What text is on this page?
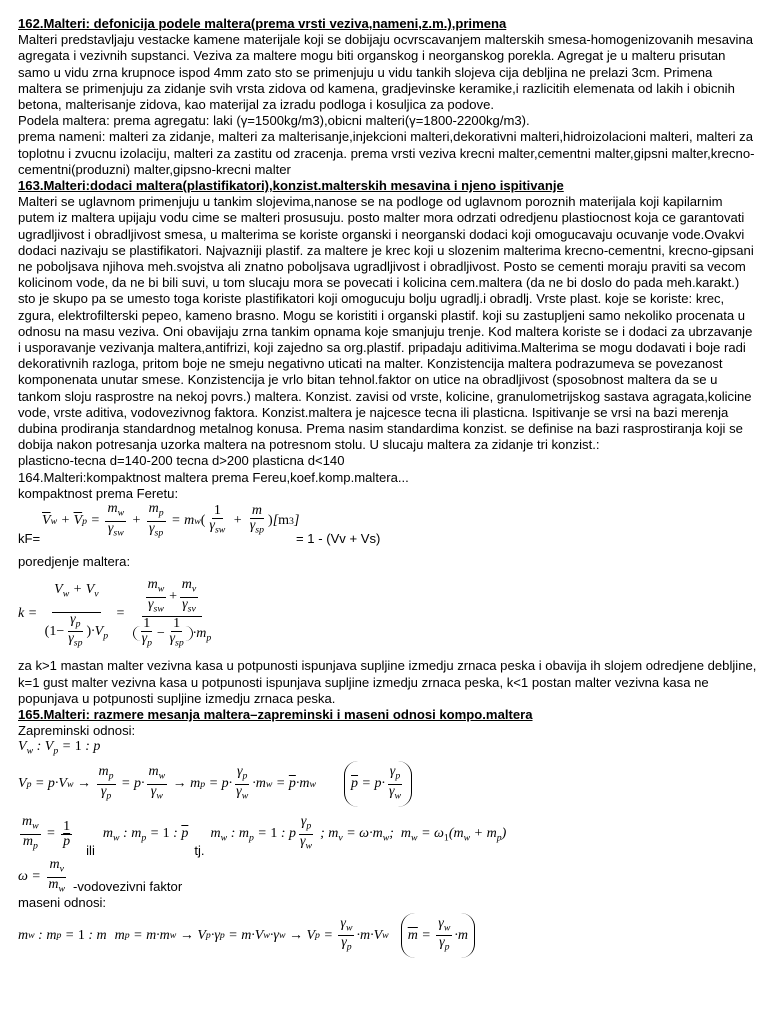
162.Malteri: defonicija podele maltera(prema vrsti veziva,nameni,z.m.),primena

Malteri predstavljaju vestacke kamene materijale koji se dobijaju ocvrscavanjem malterskih smesa-homogenizovanih mesavina agregata i vezivnih supstanci. Veziva za maltere mogu biti organskog i neorganskog porekla. Agregat je u malteru prisutan samo u vidu zrna krupnoce ispod 4mm zato sto se primenjuju u vidu tankih slojeva cija debljina ne prelazi 3cm. Primena maltera se primenjuju za zidanje svih vrsta zidova od kamena, gradjevinske keramike,i razlicitih elemenata od lakih i obicnih betona, malterisanje zidova, kao materijal za izradu podloga i kosuljica za podove.

Podela maltera: prema agregatu: laki (γ=1500kg/m3),obicni malteri(γ=1800-2200kg/m3).

prema nameni: malteri za zidanje, malteri za malterisanje,injekcioni malteri,dekorativni malteri,hidroizolacioni malteri, malteri za toplotnu i zvucnu izolaciju, malteri za zastitu od zracenja. prema vrsti veziva krecni malter,cementni malter,gipsni malter,krecno-cementni(produzni) malter,gipsno-krecni malter

163.Malteri:dodaci maltera(plastifikatori),konzist.malterskih mesavina i njeno ispitivanje

Malteri se uglavnom primenjuju u tankim slojevima,nanose se na podloge od uglavnom poroznih materijala koji kapilarnim putem iz maltera upijaju vodu cime se malteri prosusuju. posto malter mora odrzati odredjenu plastiocnost koja ce garantovati ugradljivost i obradljivost smesa, u malterima se koriste organski i neorganski dodaci koji omogucavaju ocuvanje vode.Ovakvi dodaci nazivaju se plastifikatori. Najvazniji plastif. za maltere je krec koji u slozenim malterima krecno-cementni, krecno-gipsani ne poboljsava njihova meh.svojstva ali znatno poboljsava ugradljivost i obradljivost. Posto se cementi moraju praviti sa vecom kolicinom vode, da ne bi bili suvi, u tom slucaju mora se povecati i kolicina cem.maltera (da ne bi doslo do pada meh.karakt.) sto je skupo pa se umesto toga koriste plastifikatori koji omogucuju bolju ugradlj.i obradlj. Vrste plast. koje se koriste: krec, zgura, elektrofilterski pepeo, kameno brasno. Mogu se koristiti i organski plastif. koji su zastupljeni samo nekoliko procenata u odnosu na masu veziva. Oni obavijaju zrna tankim opnama koje smanjuju trenje. Kod maltera koriste se i dodaci za ubrzavanje i usporavanje vezivanja maltera,antifrizi, koji zajedno sa org.plastif. pripadaju aditivima.Malterima se mogu dodavati i boje radi dekorativnih razloga, pritom boje ne smeju negativno uticati na malter. Konzistencija maltera podrazumeva se povezanost komponenata unutar smese. Konzistencija je vrlo bitan tehnol.faktor on utice na obradljivost (sposobnost maltera da se u tankom sloju rasprostre na nekoj povrs.) maltera. Konzist. zavisi od vrste, kolicine, granulometrijskog sastava agragata,kolicine vode, vrste aditiva, vodovezivnog faktora. Konzist.maltera je najcesce tecna ili plasticna. Ispitivanje se vrsi na bazi merenja dubina prodiranja standardnog metalnog konusa. Prema nasim standardima konzist. se definise na bazi rasprostiranja koji se dobija nakon potresanja uzorka maltera na potresnom stolu. U slucaju maltera za zidanje tri konzist.:

plasticno-tecna d=140-200 tecna d>200 plasticna d<140

164.Malteri:kompaktnost maltera prema Fereu,koef.komp.maltera...

kompaktnost prema Feretu:

$\overline{V}$ $w + \overline{V}$ $p = \frac{m_w}{\gamma_{sw}} + \frac{m_p}{\gamma_{sp}} = m$ w ( $\frac{1}{\gamma_{sw}} + \frac{m}{\gamma_{sp}}$ ) [ m 3 ]
kF=	= 1 - (Vv + Vs)

poredjenje maltera:

$k = \frac{V_w + V_v}{(1- \frac{\gamma_p}{\gamma_{sp}} )\cdot V_p} = \frac{\frac{m_w}{\gamma_{sw}} + \frac{m_v}{\gamma_{sv}}}{\frac{1}{\gamma_p} - \frac{1}{\gamma_{sp}} \cdot m_p}$

za k>1 mastan malter vezivna kasa u potpunosti ispunjava supljine izmedju zrnaca peska i obavija ih slojem odredjene debljine, k=1 gust malter vezivna kasa u potpunosti ispunjava supljine izmedju zrnaca peska, k<1 postan malter vezivna kasa ne popunjava u potpunosti supljine izmedju zrnaca peska.

165.Malteri: razmere mesanja maltera–zapreminski i maseni odnosi kompo.maltera

Zapreminski odnosi:

$V_w$ : $V_p = 1$ : p
V p = p·V $w \to \frac{m_p}{\gamma_p} = p\cdot \frac{m_w}{\gamma_w} \to m$ $p = p\cdot \frac{\gamma_p}{\gamma_w} \cdot m$ $w = \overline{p} \cdot m$ w	$\overline{p} = p\cdot \frac{\gamma_p}{\gamma_w}$
$\frac{m_w}{m_p} = \frac{1}{p}$
ili
$m_w$ : $m_p = 1$ : $\overline{p}$
tj.
$m_w$ : $m_p = 1$ : p $\frac{\gamma_p}{\gamma_w}$ ; $m_v = \omega\cdot m_w$;  $m_w = \omega_1(m_w + m_p)$
$\omega = \frac{m_v}{m_w}$ -vodovezivni faktor

maseni odnosi:

m w : m p = 1 : m
m p = m·m w → V p ·γ p = m·V w ·γ w → V $p = \frac{\gamma_w}{\gamma_p} \cdot m\cdot V$ w	$\overline{m} = \frac{\gamma_w}{\gamma_p} \cdot m$
